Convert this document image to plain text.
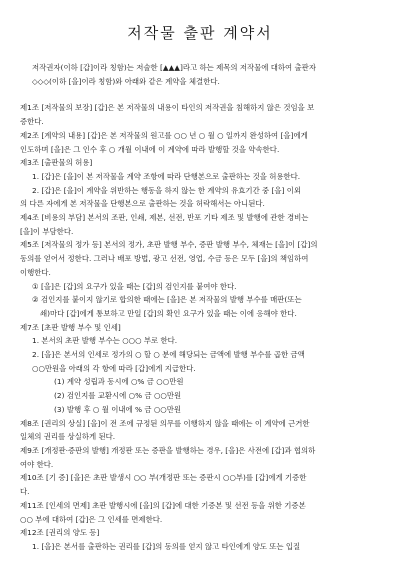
저작물 출판 계약서

저작권자(이하 [갑]이라 칭함)는 저술한 [▲▲▲]라고 하는 제목의 저작물에 대하여 출판자

◇◇◇(이하 [을]이라 칭함)와 아래와 같은 계약을 체결한다.

제1조 [저작물의 보장] [갑]은 본 저작물의 내용이 타인의 저작권을 침해하지 않은 것임을 보

증한다.

제2조 [계약의 내용] [갑]은 본 저작물의 원고를 ○○ 년 ○ 월 ○ 일까지 완성하여 [을]에게

인도하며 [을]은 그 인수 후 ○ 개월 이내에 이 계약에 따라 발행할 것을 약속한다.

제3조 [출판물의 허용]

1. [갑]은 [을]이 본 저작물을 계약 조항에 따라 단행본으로 출판하는 것을 허용한다.

2. [갑]은 [을]이 계약을 위반하는 행동을 하지 않는 한 계약의 유효기간 중 [을] 이외

의 다른 자에게 본 저작물을 단행본으로 출판하는 것을 허락해서는 아니된다.

제4조 [비용의 부담] 본서의 조판, 인쇄, 제본, 선전, 반포 기타 제조 및 발행에 관한 경비는

[을]이 부담한다.

제5조 [저작물의 정가 등] 본서의 정가, 초판 발행 부수, 증판 발행 부수, 체재는 [을]이 [갑]의

동의를 얻어서 정한다. 그러나 배포 방법, 광고 선전, 영업, 수금 등은 모두 [을]의 책임하여

이행한다.

① [을]은 [갑]의 요구가 있을 때는 [갑]의 검인지를 붙여야 한다.

② 검인지를 붙이지 않기로 합의한 때에는 [을]은 본 저작물의 발행 부수를 매판(또는

쇄)마다 [갑]에게 통보하고 만일 [갑]의 확인 요구가 있을 때는 이에 응해야 한다.

제7조 [초판 발행 부수 및 인세]

1. 본서의 초판 발행 부수는 ○○○ 부로 한다.

2. [을]은 본서의 인세로 정가의 ○ 할 ○ 분에 해당되는 금액에 발행 부수를 곱한 금액

○○만원을 아래의 각 항에 따라 [갑]에게 지급한다.

(1) 계약 성립과 동시에 ○% 금 ○○만원

(2) 검인지를 교환시에 ○% 금 ○○만원

(3) 발행 후 ○ 월 이내에 % 금 ○○만원

제8조 [권리의 상실] [을]이 전 조에 규정된 의무를 이행하지 않을 때에는 이 계약에 근거한

일체의 권리를 상실하게 된다.

제9조 [개정판·증판의 발행] 개정판 또는 증판을 발행하는 경우, [을]은 사전에 [갑]과 협의하

여야 한다.

제10조 [기 증] [을]은 초판 발생시 ○○ 부(개정판 또는 증판시 ○○부)를 [갑]에게 기증한

다.

제11조 [인세의 면제] 초판 발행시에 [을]의 [갑]에 대한 기증본 및 선전 등을 위한 기증본

○○ 부에 대하여 [갑]은 그 인세를 면제한다.

제12조 [권리의 양도 등]

1. [을]은 본서를 출판하는 권리를 [갑]의 동의를 얻지 않고 타인에게 양도 또는 입질
